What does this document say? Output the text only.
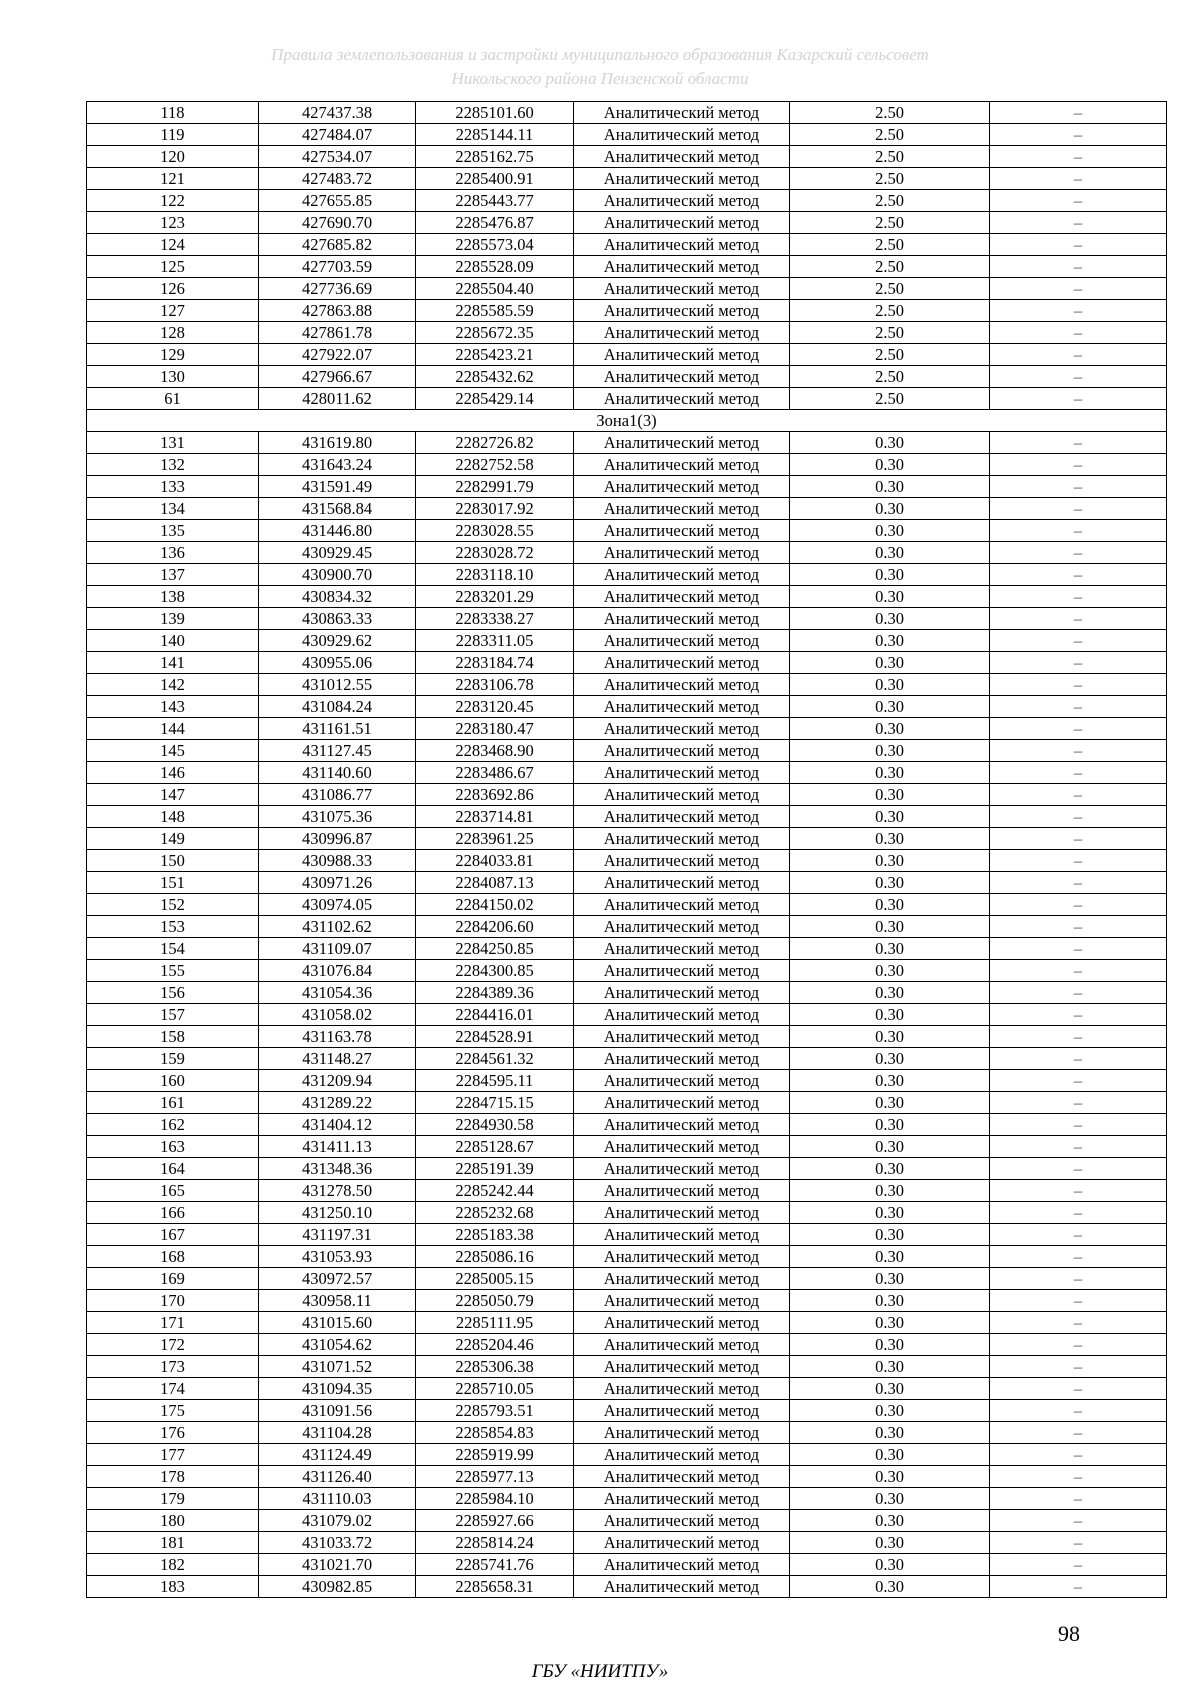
Правила землепользования и застройки муниципального образования Казарский сельсовет
Никольского района Пензенской области
118	427437.38	2285101.60	Аналитический метод	2.50	–
119	427484.07	2285144.11	Аналитический метод	2.50	–
120	427534.07	2285162.75	Аналитический метод	2.50	–
121	427483.72	2285400.91	Аналитический метод	2.50	–
122	427655.85	2285443.77	Аналитический метод	2.50	–
123	427690.70	2285476.87	Аналитический метод	2.50	–
124	427685.82	2285573.04	Аналитический метод	2.50	–
125	427703.59	2285528.09	Аналитический метод	2.50	–
126	427736.69	2285504.40	Аналитический метод	2.50	–
127	427863.88	2285585.59	Аналитический метод	2.50	–
128	427861.78	2285672.35	Аналитический метод	2.50	–
129	427922.07	2285423.21	Аналитический метод	2.50	–
130	427966.67	2285432.62	Аналитический метод	2.50	–
61	428011.62	2285429.14	Аналитический метод	2.50	–
Зона1(3)					
131	431619.80	2282726.82	Аналитический метод	0.30	–
132	431643.24	2282752.58	Аналитический метод	0.30	–
133	431591.49	2282991.79	Аналитический метод	0.30	–
134	431568.84	2283017.92	Аналитический метод	0.30	–
135	431446.80	2283028.55	Аналитический метод	0.30	–
136	430929.45	2283028.72	Аналитический метод	0.30	–
137	430900.70	2283118.10	Аналитический метод	0.30	–
138	430834.32	2283201.29	Аналитический метод	0.30	–
139	430863.33	2283338.27	Аналитический метод	0.30	–
140	430929.62	2283311.05	Аналитический метод	0.30	–
141	430955.06	2283184.74	Аналитический метод	0.30	–
142	431012.55	2283106.78	Аналитический метод	0.30	–
143	431084.24	2283120.45	Аналитический метод	0.30	–
144	431161.51	2283180.47	Аналитический метод	0.30	–
145	431127.45	2283468.90	Аналитический метод	0.30	–
146	431140.60	2283486.67	Аналитический метод	0.30	–
147	431086.77	2283692.86	Аналитический метод	0.30	–
148	431075.36	2283714.81	Аналитический метод	0.30	–
149	430996.87	2283961.25	Аналитический метод	0.30	–
150	430988.33	2284033.81	Аналитический метод	0.30	–
151	430971.26	2284087.13	Аналитический метод	0.30	–
152	430974.05	2284150.02	Аналитический метод	0.30	–
153	431102.62	2284206.60	Аналитический метод	0.30	–
154	431109.07	2284250.85	Аналитический метод	0.30	–
155	431076.84	2284300.85	Аналитический метод	0.30	–
156	431054.36	2284389.36	Аналитический метод	0.30	–
157	431058.02	2284416.01	Аналитический метод	0.30	–
158	431163.78	2284528.91	Аналитический метод	0.30	–
159	431148.27	2284561.32	Аналитический метод	0.30	–
160	431209.94	2284595.11	Аналитический метод	0.30	–
161	431289.22	2284715.15	Аналитический метод	0.30	–
162	431404.12	2284930.58	Аналитический метод	0.30	–
163	431411.13	2285128.67	Аналитический метод	0.30	–
164	431348.36	2285191.39	Аналитический метод	0.30	–
165	431278.50	2285242.44	Аналитический метод	0.30	–
166	431250.10	2285232.68	Аналитический метод	0.30	–
167	431197.31	2285183.38	Аналитический метод	0.30	–
168	431053.93	2285086.16	Аналитический метод	0.30	–
169	430972.57	2285005.15	Аналитический метод	0.30	–
170	430958.11	2285050.79	Аналитический метод	0.30	–
171	431015.60	2285111.95	Аналитический метод	0.30	–
172	431054.62	2285204.46	Аналитический метод	0.30	–
173	431071.52	2285306.38	Аналитический метод	0.30	–
174	431094.35	2285710.05	Аналитический метод	0.30	–
175	431091.56	2285793.51	Аналитический метод	0.30	–
176	431104.28	2285854.83	Аналитический метод	0.30	–
177	431124.49	2285919.99	Аналитический метод	0.30	–
178	431126.40	2285977.13	Аналитический метод	0.30	–
179	431110.03	2285984.10	Аналитический метод	0.30	–
180	431079.02	2285927.66	Аналитический метод	0.30	–
181	431033.72	2285814.24	Аналитический метод	0.30	–
182	431021.70	2285741.76	Аналитический метод	0.30	–
183	430982.85	2285658.31	Аналитический метод	0.30	–
98
ГБУ «НИИТПУ»
